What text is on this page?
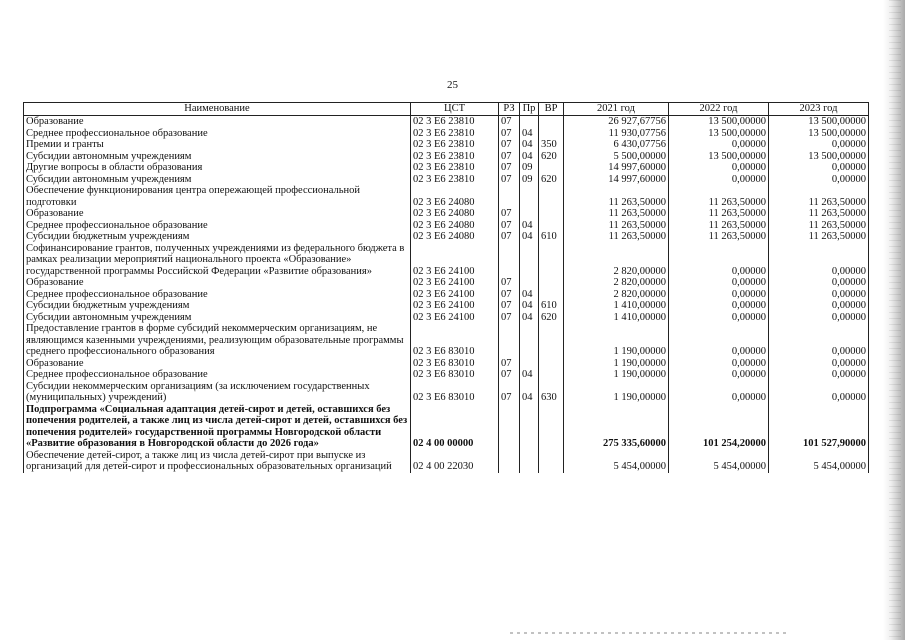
25
Наименование	ЦСТ	РЗ	Пр	ВР	2021 год	2022 год	2023 год
Образование	02 3 Е6 23810	07			26 927,67756	13 500,00000	13 500,00000
Среднее профессиональное образование	02 3 Е6 23810	07	04		11 930,07756	13 500,00000	13 500,00000
Премии и гранты	02 3 Е6 23810	07	04	350	6 430,07756	0,00000	0,00000
Субсидии автономным учреждениям	02 3 Е6 23810	07	04	620	5 500,00000	13 500,00000	13 500,00000
Другие вопросы в области образования	02 3 Е6 23810	07	09		14 997,60000	0,00000	0,00000
Субсидии автономным учреждениям	02 3 Е6 23810	07	09	620	14 997,60000	0,00000	0,00000
Обеспечение функционирования центра опережающей профессиональной подготовки	02 3 Е6 24080				11 263,50000	11 263,50000	11 263,50000
Образование	02 3 Е6 24080	07			11 263,50000	11 263,50000	11 263,50000
Среднее профессиональное образование	02 3 Е6 24080	07	04		11 263,50000	11 263,50000	11 263,50000
Субсидии бюджетным учреждениям	02 3 Е6 24080	07	04	610	11 263,50000	11 263,50000	11 263,50000
Софинансирование грантов, полученных учреждениями из федерального бюджета в рамках реализации мероприятий национального проекта «Образование» государственной программы Российской Федерации «Развитие образования»	02 3 Е6 24100				2 820,00000	0,00000	0,00000
Образование	02 3 Е6 24100	07			2 820,00000	0,00000	0,00000
Среднее профессиональное образование	02 3 Е6 24100	07	04		2 820,00000	0,00000	0,00000
Субсидии бюджетным учреждениям	02 3 Е6 24100	07	04	610	1 410,00000	0,00000	0,00000
Субсидии автономным учреждениям	02 3 Е6 24100	07	04	620	1 410,00000	0,00000	0,00000
Предоставление грантов в форме субсидий некоммерческим организациям, не являющимся казенными учреждениями, реализующим образовательные программы среднего профессионального образования	02 3 Е6 83010				1 190,00000	0,00000	0,00000
Образование	02 3 Е6 83010	07			1 190,00000	0,00000	0,00000
Среднее профессиональное образование	02 3 Е6 83010	07	04		1 190,00000	0,00000	0,00000
Субсидии некоммерческим организациям (за исключением государственных (муниципальных) учреждений)	02 3 Е6 83010	07	04	630	1 190,00000	0,00000	0,00000
Подпрограмма «Социальная адаптация детей-сирот и детей, оставшихся без попечения родителей, а также лиц из числа детей-сирот и детей, оставшихся без попечения родителей» государственной программы Новгородской области «Развитие образования в Новгородской области до 2026 года»	02 4 00 00000				275 335,60000	101 254,20000	101 527,90000
Обеспечение детей-сирот, а также лиц из числа детей-сирот при выпуске из организаций для детей-сирот и профессиональных образовательных организаций	02 4 00 22030				5 454,00000	5 454,00000	5 454,00000
